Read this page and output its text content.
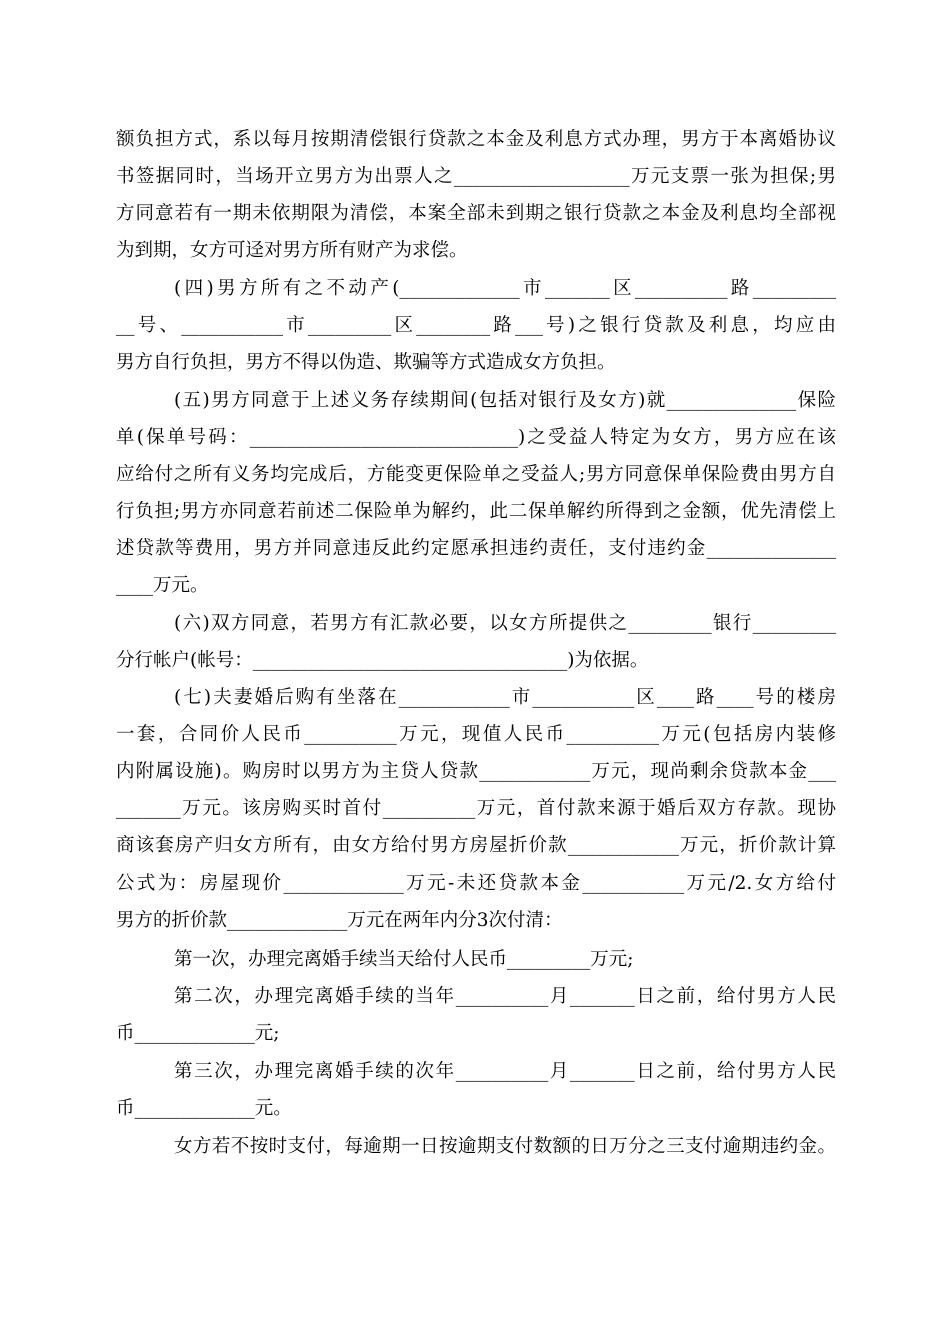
额负担方式，系以每月按期清偿银行贷款之本金及利息方式办理，男方于本离婚协议
书签据同时，当场开立男方为出票人之___________________万元支票一张为担保;男
方同意若有一期未依期限为清偿，本案全部未到期之银行贷款之本金及利息均全部视
为到期，女方可迳对男方所有财产为求偿。
(四)男方所有之不动产(_____________市_______区__________路_________
__号、___________市_________区________路___号)之银行贷款及利息，均应由
男方自行负担，男方不得以伪造、欺骗等方式造成女方负担。
(五)男方同意于上述义务存续期间(包括对银行及女方)就______________保险
单(保单号码：_____________________________)之受益人特定为女方，男方应在该
应给付之所有义务均完成后，方能变更保险单之受益人;男方同意保单保险费由男方自
行负担;男方亦同意若前述二保险单为解约，此二保单解约所得到之金额，优先清偿上
述贷款等费用，男方并同意违反此约定愿承担违约责任，支付违约金______________
____万元。
(六)双方同意，若男方有汇款必要，以女方所提供之_________银行_________
分行帐户(帐号：__________________________________)为依据。
(七)夫妻婚后购有坐落在____________市___________区____路____号的楼房
一套，合同价人民币__________万元，现值人民币__________万元(包括房内装修
内附属设施)。购房时以男方为主贷人贷款____________万元，现尚剩余贷款本金___
_______万元。该房购买时首付__________万元，首付款来源于婚后双方存款。现协
商该套房产归女方所有，由女方给付男方房屋折价款____________万元，折价款计算
公式为：房屋现价_____________万元-未还贷款本金___________万元/2.女方给付
男方的折价款_____________万元在两年内分3次付清：
第一次，办理完离婚手续当天给付人民币_________万元;
第二次，办理完离婚手续的当年__________月_______日之前，给付男方人民
币_____________元;
第三次，办理完离婚手续的次年__________月_______日之前，给付男方人民
币_____________元。
女方若不按时支付，每逾期一日按逾期支付数额的日万分之三支付逾期违约金。
